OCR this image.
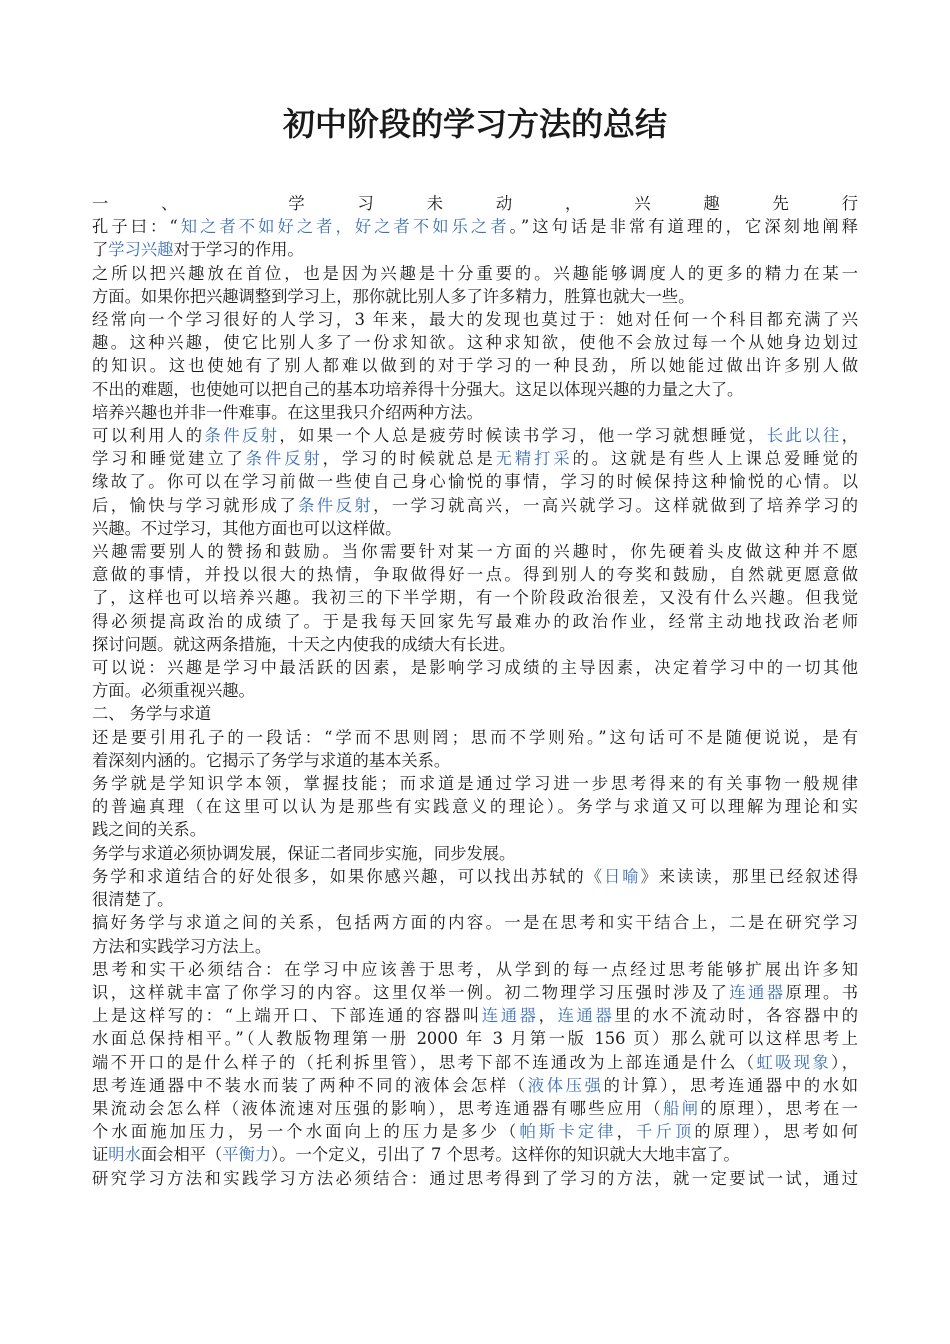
初中阶段的学习方法的总结
一、 学习未动，兴趣先行
孔子曰：“知之者不如好之者，好之者不如乐之者。”这句话是非常有道理的，它深刻地阐释
了学习兴趣对于学习的作用。
之所以把兴趣放在首位，也是因为兴趣是十分重要的。兴趣能够调度人的更多的精力在某一
方面。如果你把兴趣调整到学习上，那你就比别人多了许多精力，胜算也就大一些。
经常向一个学习很好的人学习，3 年来，最大的发现也莫过于：她对任何一个科目都充满了兴
趣。这种兴趣，使它比别人多了一份求知欲。这种求知欲，使他不会放过每一个从她身边划过
的知识。这也使她有了别人都难以做到的对于学习的一种艮劲，所以她能过做出许多别人做
不出的难题，也使她可以把自己的基本功培养得十分强大。这足以体现兴趣的力量之大了。
培养兴趣也并非一件难事。在这里我只介绍两种方法。
可以利用人的条件反射，如果一个人总是疲劳时候读书学习，他一学习就想睡觉，长此以往，
学习和睡觉建立了条件反射，学习的时候就总是无精打采的。这就是有些人上课总爱睡觉的
缘故了。你可以在学习前做一些使自己身心愉悦的事情，学习的时候保持这种愉悦的心情。以
后，愉快与学习就形成了条件反射，一学习就高兴，一高兴就学习。这样就做到了培养学习的
兴趣。不过学习，其他方面也可以这样做。
兴趣需要别人的赞扬和鼓励。当你需要针对某一方面的兴趣时，你先硬着头皮做这种并不愿
意做的事情，并投以很大的热情，争取做得好一点。得到别人的夸奖和鼓励，自然就更愿意做
了，这样也可以培养兴趣。我初三的下半学期，有一个阶段政治很差，又没有什么兴趣。但我觉
得必须提高政治的成绩了。于是我每天回家先写最难办的政治作业，经常主动地找政治老师
探讨问题。就这两条措施，十天之内使我的成绩大有长进。
可以说：兴趣是学习中最活跃的因素，是影响学习成绩的主导因素，决定着学习中的一切其他
方面。必须重视兴趣。
二、 务学与求道
还是要引用孔子的一段话：“学而不思则罔；思而不学则殆。”这句话可不是随便说说，是有
着深刻内涵的。它揭示了务学与求道的基本关系。
务学就是学知识学本领，掌握技能；而求道是通过学习进一步思考得来的有关事物一般规律
的普遍真理（在这里可以认为是那些有实践意义的理论）。务学与求道又可以理解为理论和实
践之间的关系。
务学与求道必须协调发展，保证二者同步实施，同步发展。
务学和求道结合的好处很多，如果你感兴趣，可以找出苏轼的《日喻》来读读，那里已经叙述得
很清楚了。
搞好务学与求道之间的关系，包括两方面的内容。一是在思考和实干结合上，二是在研究学习
方法和实践学习方法上。
思考和实干必须结合：在学习中应该善于思考，从学到的每一点经过思考能够扩展出许多知
识，这样就丰富了你学习的内容。这里仅举一例。初二物理学习压强时涉及了连通器原理。书
上是这样写的：“上端开口、下部连通的容器叫连通器，连通器里的水不流动时，各容器中的
水面总保持相平。”（人教版物理第一册 2000 年 3 月第一版 156 页）那么就可以这样思考上
端不开口的是什么样子的（托利拆里管），思考下部不连通改为上部连通是什么（虹吸现象），
思考连通器中不装水而装了两种不同的液体会怎样（液体压强的计算），思考连通器中的水如
果流动会怎么样（液体流速对压强的影响），思考连通器有哪些应用（船闸的原理），思考在一
个水面施加压力，另一个水面向上的压力是多少（帕斯卡定律，千斤顶的原理），思考如何
证明水面会相平（平衡力）。一个定义，引出了 7 个思考。这样你的知识就大大地丰富了。
研究学习方法和实践学习方法必须结合：通过思考得到了学习的方法，就一定要试一试，通过
